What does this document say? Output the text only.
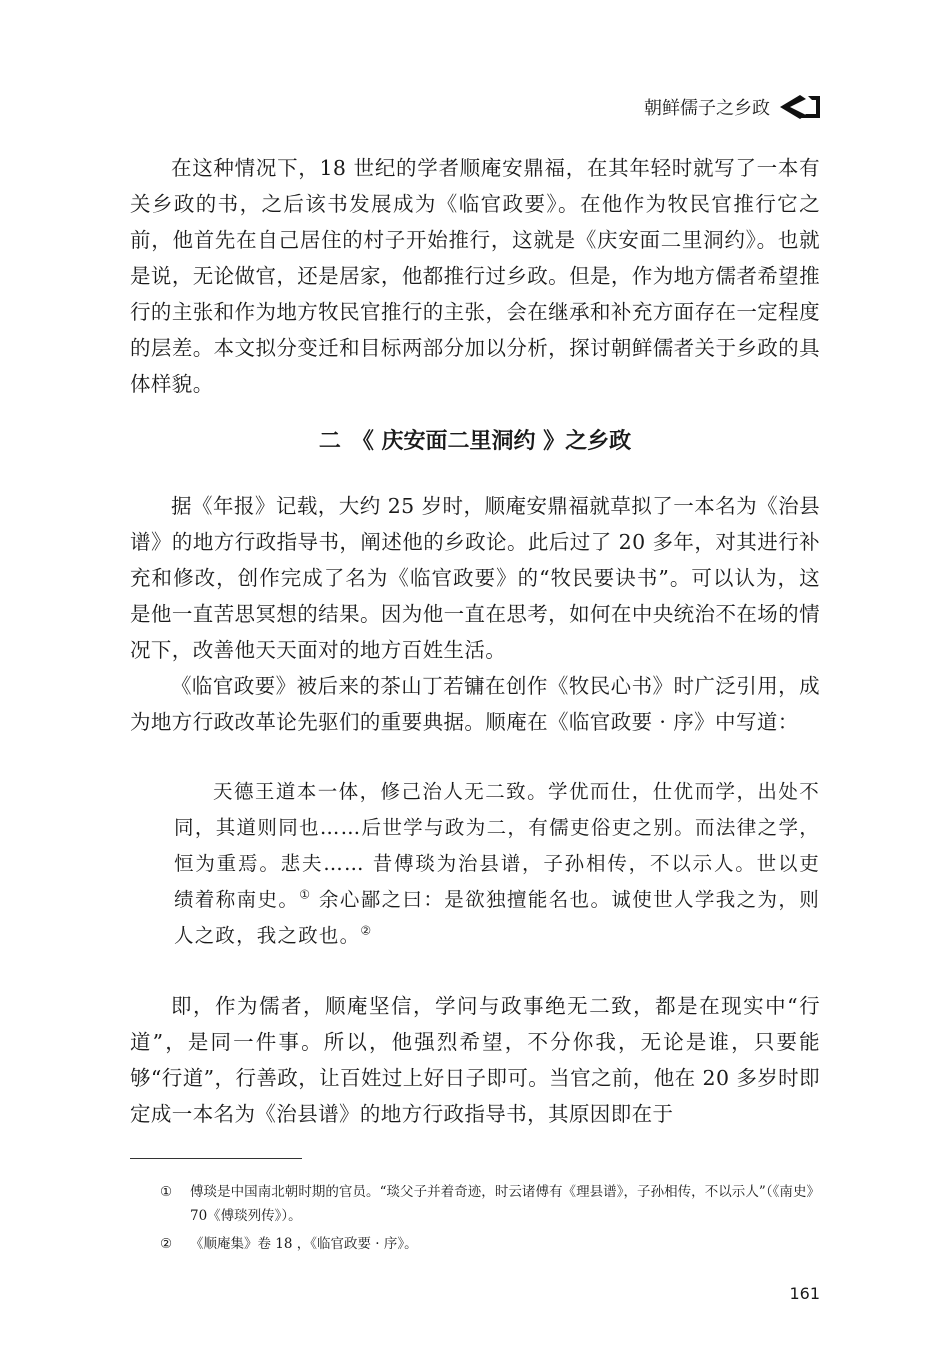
朝鲜儒子之乡政

在这种情况下，18 世纪的学者顺庵安鼎福，在其年轻时就写了一本有关乡政的书，之后该书发展成为《临官政要》。在他作为牧民官推行它之前，他首先在自己居住的村子开始推行，这就是《庆安面二里洞约》。也就是说，无论做官，还是居家，他都推行过乡政。但是，作为地方儒者希望推行的主张和作为地方牧民官推行的主张，会在继承和补充方面存在一定程度的层差。本文拟分变迁和目标两部分加以分析，探讨朝鲜儒者关于乡政的具体样貌。

二　《 庆安面二里洞约 》之乡政

据《年报》记载，大约 25 岁时，顺庵安鼎福就草拟了一本名为《治县谱》的地方行政指导书，阐述他的乡政论。此后过了 20 多年，对其进行补充和修改，创作完成了名为《临官政要》的“牧民要诀书”。可以认为，这是他一直苦思冥想的结果。因为他一直在思考，如何在中央统治不在场的情况下，改善他天天面对的地方百姓生活。

《临官政要》被后来的茶山丁若镛在创作《牧民心书》时广泛引用，成为地方行政改革论先驱们的重要典据。顺庵在《临官政要 · 序》中写道：

天德王道本一体，修己治人无二致。学优而仕，仕优而学，出处不同，其道则同也……后世学与政为二，有儒吏俗吏之别。而法律之学，恒为重焉。悲夫…… 昔傅琰为治县谱，子孙相传，不以示人。世以吏绩着称南史。① 余心鄙之曰：是欲独擅能名也。诚使世人学我之为，则人之政，我之政也。②

即，作为儒者，顺庵坚信，学问与政事绝无二致，都是在现实中“行道”，是同一件事。所以，他强烈希望，不分你我，无论是谁，只要能够“行道”，行善政，让百姓过上好日子即可。当官之前，他在 20 多岁时即定成一本名为《治县谱》的地方行政指导书，其原因即在于

①	傅琰是中国南北朝时期的官员。“琰父子并着奇迹，时云诸傅有《理县谱》，子孙相传，不以示人”（《南史》70《傅琰列传》）。
②	《顺庵集》卷 18 ，《临官政要 · 序》。
161
